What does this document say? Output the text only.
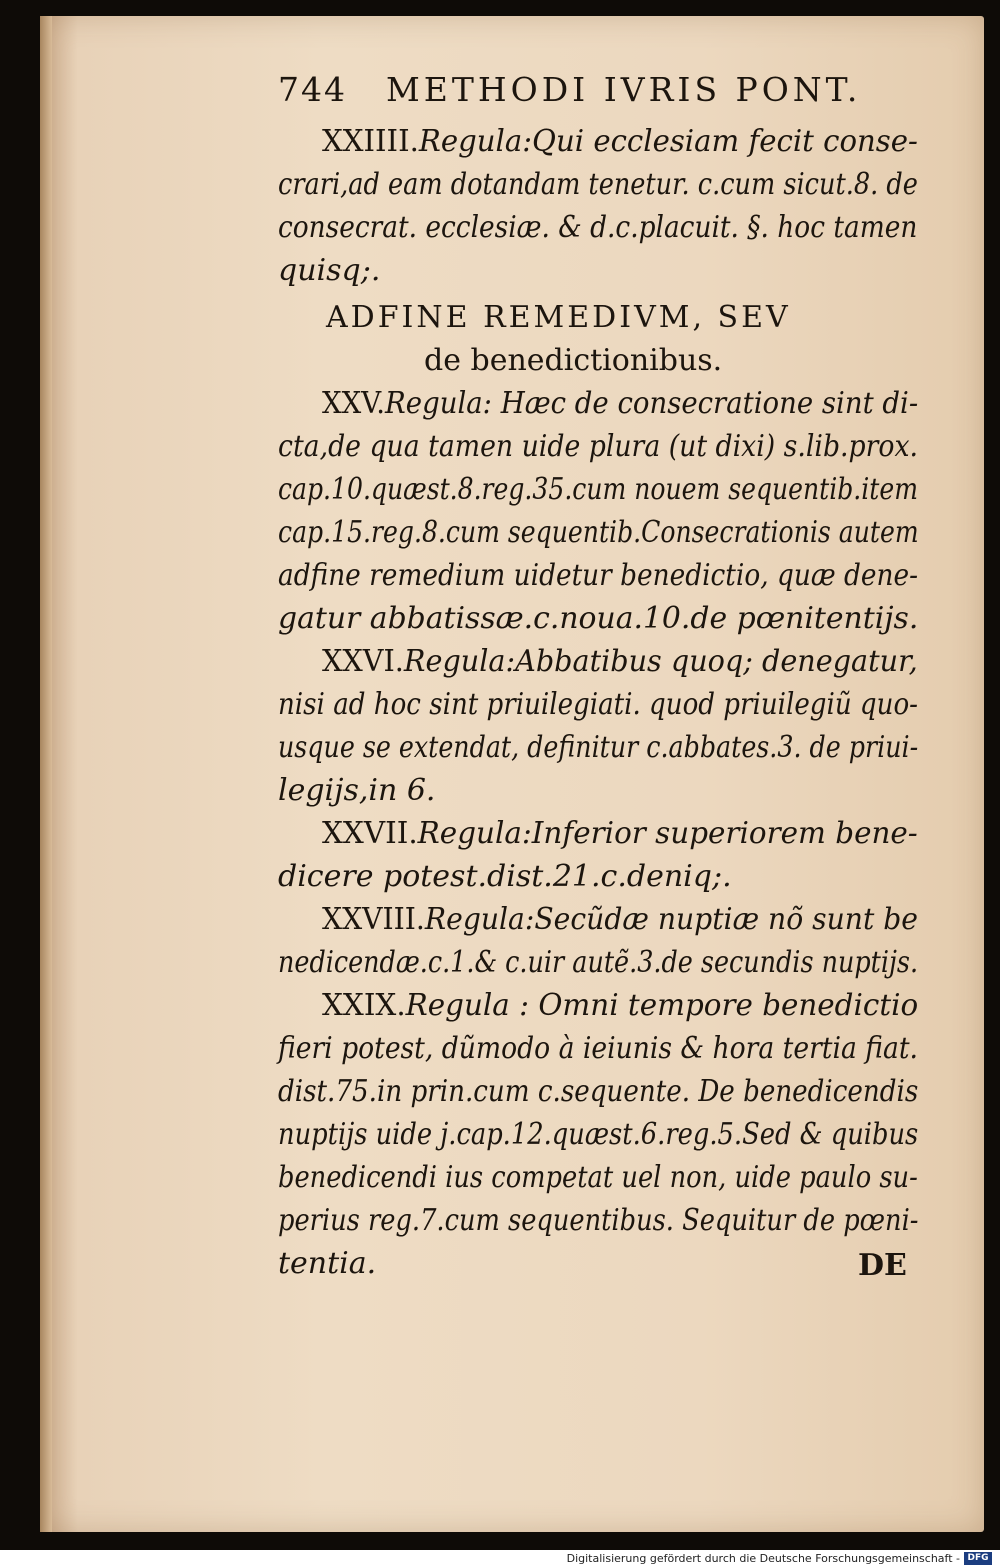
744 METHODI IVRIS PONT.
XXIIII.Regula:Qui ecclesiam fecit conse-
crari,ad eam dotandam tenetur. c.cum sicut.8. de
consecrat. ecclesiæ. & d.c.placuit. §. hoc tamen
quisq;.
ADFINE REMEDIVM, SEV
de benedictionibus.
XXV.Regula: Hæc de consecratione sint di-
cta,de qua tamen uide plura (ut dixi) s.lib.prox.
cap.10.quæst.8.reg.35.cum nouem sequentib.item
cap.15.reg.8.cum sequentib.Consecrationis autem
adfine remedium uidetur benedictio, quæ dene-
gatur abbatissæ.c.noua.10.de pœnitentijs.
XXVI.Regula:Abbatibus quoq; denegatur,
nisi ad hoc sint priuilegiati. quod priuilegiũ quo-
usque se extendat, definitur c.abbates.3. de priui-
legijs,in 6.
XXVII.Regula:Inferior superiorem bene-
dicere potest.dist.21.c.deniq;.
XXVIII.Regula:Secũdæ nuptiæ nõ sunt be
nedicendæ.c.1.& c.uir autẽ.3.de secundis nuptijs.
XXIX.Regula : Omni tempore benedictio
fieri potest, dũmodo à ieiunis & hora tertia fiat.
dist.75.in prin.cum c.sequente. De benedicendis
nuptijs uide j.cap.12.quæst.6.reg.5.Sed & quibus
benedicendi ius competat uel non, uide paulo su-
perius reg.7.cum sequentibus. Sequitur de pœni-
tentia.	DE
Digitalisierung gefördert durch die Deutsche Forschungsgemeinschaft - DFG
